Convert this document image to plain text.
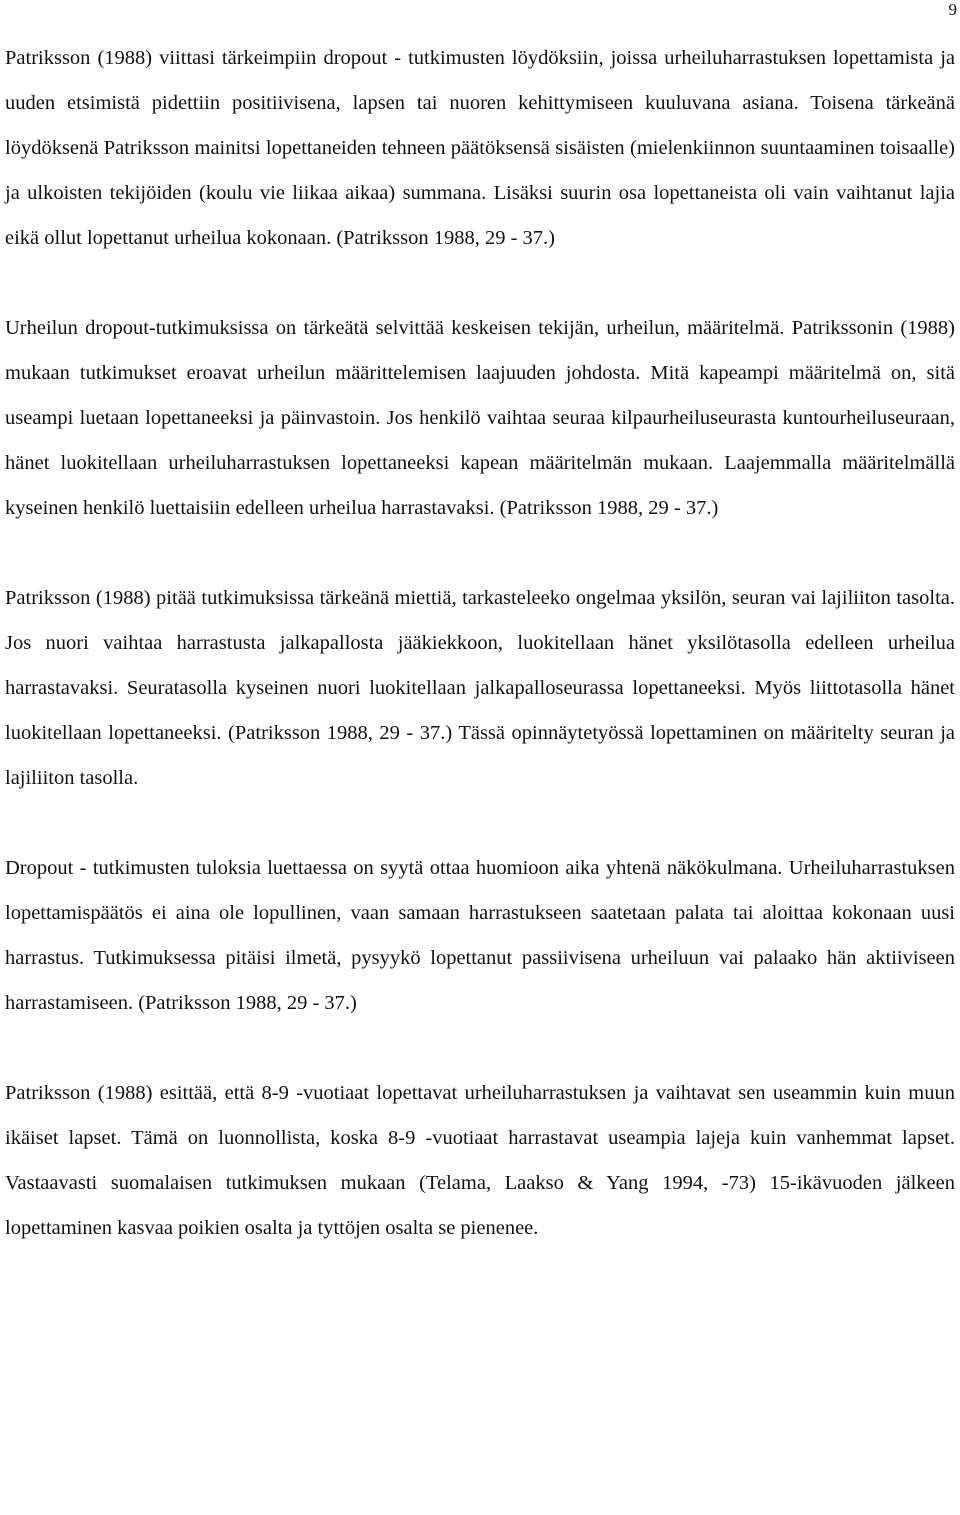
9

Patriksson (1988) viittasi tärkeimpiin dropout - tutkimusten löydöksiin, joissa urheiluharrastuksen lopettamista ja uuden etsimistä pidettiin positiivisena, lapsen tai nuoren kehittymiseen kuuluvana asiana. Toisena tärkeänä löydöksenä Patriksson mainitsi lopettaneiden tehneen päätöksensä sisäisten (mielenkiinnon suuntaaminen toisaalle) ja ulkoisten tekijöiden (koulu vie liikaa aikaa) summana. Lisäksi suurin osa lopettaneista oli vain vaihtanut lajia eikä ollut lopettanut urheilua kokonaan. (Patriksson 1988, 29 - 37.)

Urheilun dropout-tutkimuksissa on tärkeätä selvittää keskeisen tekijän, urheilun, määritelmä. Patrikssonin (1988) mukaan tutkimukset eroavat urheilun määrittelemisen laajuuden johdosta. Mitä kapeampi määritelmä on, sitä useampi luetaan lopettaneeksi ja päinvastoin. Jos henkilö vaihtaa seuraa kilpaurheiluseurasta kuntourheiluseuraan, hänet luokitellaan urheiluharrastuksen lopettaneeksi kapean määritelmän mukaan. Laajemmalla määritelmällä kyseinen henkilö luettaisiin edelleen urheilua harrastavaksi. (Patriksson 1988, 29 - 37.)

Patriksson (1988) pitää tutkimuksissa tärkeänä miettiä, tarkasteleeko ongelmaa yksilön, seuran vai lajiliiton tasolta. Jos nuori vaihtaa harrastusta jalkapallosta jääkiekkoon, luokitellaan hänet yksilötasolla edelleen urheilua harrastavaksi. Seuratasolla kyseinen nuori luokitellaan jalkapalloseurassa lopettaneeksi. Myös liittotasolla hänet luokitellaan lopettaneeksi. (Patriksson 1988, 29 - 37.) Tässä opinnäytetyössä lopettaminen on määritelty seuran ja lajiliiton tasolla.

Dropout - tutkimusten tuloksia luettaessa on syytä ottaa huomioon aika yhtenä näkökulmana. Urheiluharrastuksen lopettamispäätös ei aina ole lopullinen, vaan samaan harrastukseen saatetaan palata tai aloittaa kokonaan uusi harrastus. Tutkimuksessa pitäisi ilmetä, pysyykö lopettanut passiivisena urheiluun vai palaako hän aktiiviseen harrastamiseen. (Patriksson 1988, 29 - 37.)

Patriksson (1988) esittää, että 8-9 -vuotiaat lopettavat urheiluharrastuksen ja vaihtavat sen useammin kuin muun ikäiset lapset. Tämä on luonnollista, koska 8-9 -vuotiaat harrastavat useampia lajeja kuin vanhemmat lapset. Vastaavasti suomalaisen tutkimuksen mukaan (Telama, Laakso & Yang 1994, -73) 15-ikävuoden jälkeen lopettaminen kasvaa poikien osalta ja tyttöjen osalta se pienenee.
